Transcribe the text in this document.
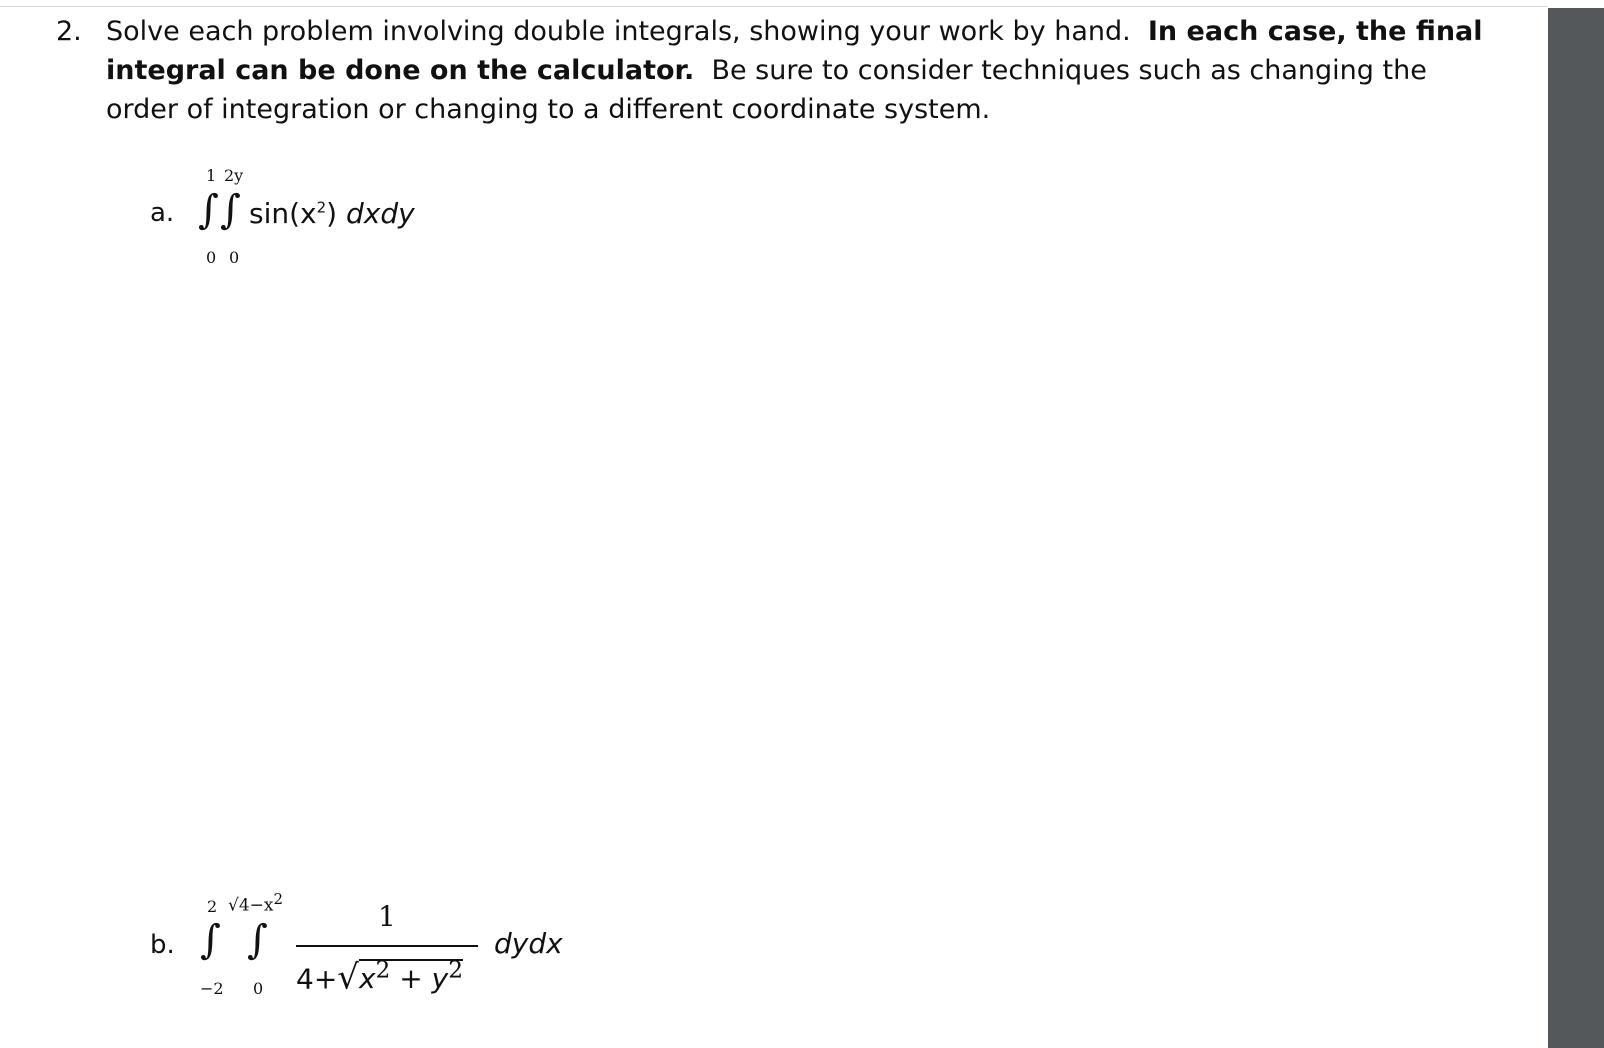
2. Solve each problem involving double integrals, showing your work by hand. In each case, the final integral can be done on the calculator. Be sure to consider techniques such as changing the order of integration or changing to a different coordinate system.
a.
1 2y
∫ ∫
0 0
$\sin(x^2)$ dxdy
b.
2 $√4-x^2$
∫ ∫
−2 0
1
$4+√x^2 + y^2$
dydx
